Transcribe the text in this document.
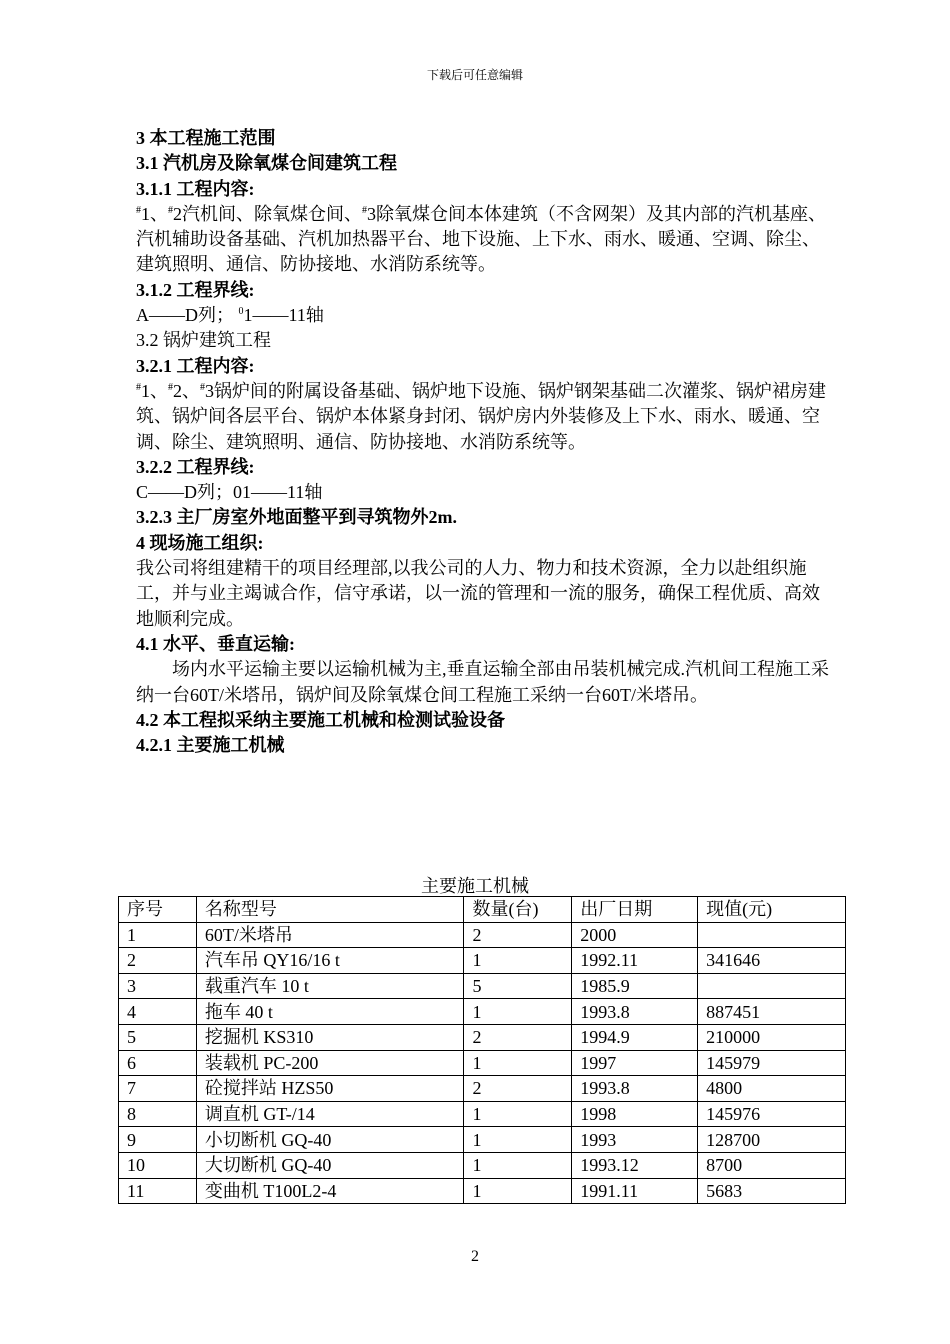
下载后可任意编辑

3 本工程施工范围

3.1 汽机房及除氧煤仓间建筑工程

3.1.1 工程内容:

#1、#2汽机间、除氧煤仓间、#3除氧煤仓间本体建筑（不含网架）及其内部的汽机基座、汽机辅助设备基础、汽机加热器平台、地下设施、上下水、雨水、暖通、空调、除尘、建筑照明、通信、防协接地、水消防系统等。

3.1.2 工程界线:

A——D列； $^0$1——11轴

3.2 锅炉建筑工程

3.2.1 工程内容:

#1、#2、#3锅炉间的附属设备基础、锅炉地下设施、锅炉钢架基础二次灌浆、锅炉裙房建筑、锅炉间各层平台、锅炉本体紧身封闭、锅炉房内外装修及上下水、雨水、暖通、空调、除尘、建筑照明、通信、防协接地、水消防系统等。

3.2.2 工程界线:

C——D列；01——11轴

3.2.3 主厂房室外地面整平到寻筑物外2m.

4 现场施工组织:

我公司将组建精干的项目经理部,以我公司的人力、物力和技术资源，全力以赴组织施工，并与业主竭诚合作，信守承诺，以一流的管理和一流的服务，确保工程优质、高效地顺利完成。

4.1 水平、垂直运输:

场内水平运输主要以运输机械为主,垂直运输全部由吊装机械完成.汽机间工程施工采纳一台60T/米塔吊，锅炉间及除氧煤仓间工程施工采纳一台60T/米塔吊。

4.2 本工程拟采纳主要施工机械和检测试验设备

4.2.1 主要施工机械

主要施工机械
序号	名称型号	数量(台)	出厂日期	现值(元)
1	60T/米塔吊	2	2000	
2	汽车吊 QY16/16 t	1	1992.11	341646
3	载重汽车 10 t	5	1985.9	
4	拖车 40 t	1	1993.8	887451
5	挖掘机 KS310	2	1994.9	210000
6	装载机 PC-200	1	1997	145979
7	砼搅拌站 HZS50	2	1993.8	4800
8	调直机 GT-/14	1	1998	145976
9	小切断机 GQ-40	1	1993	128700
10	大切断机 GQ-40	1	1993.12	8700
11	变曲机 T100L2-4	1	1991.11	5683
2
